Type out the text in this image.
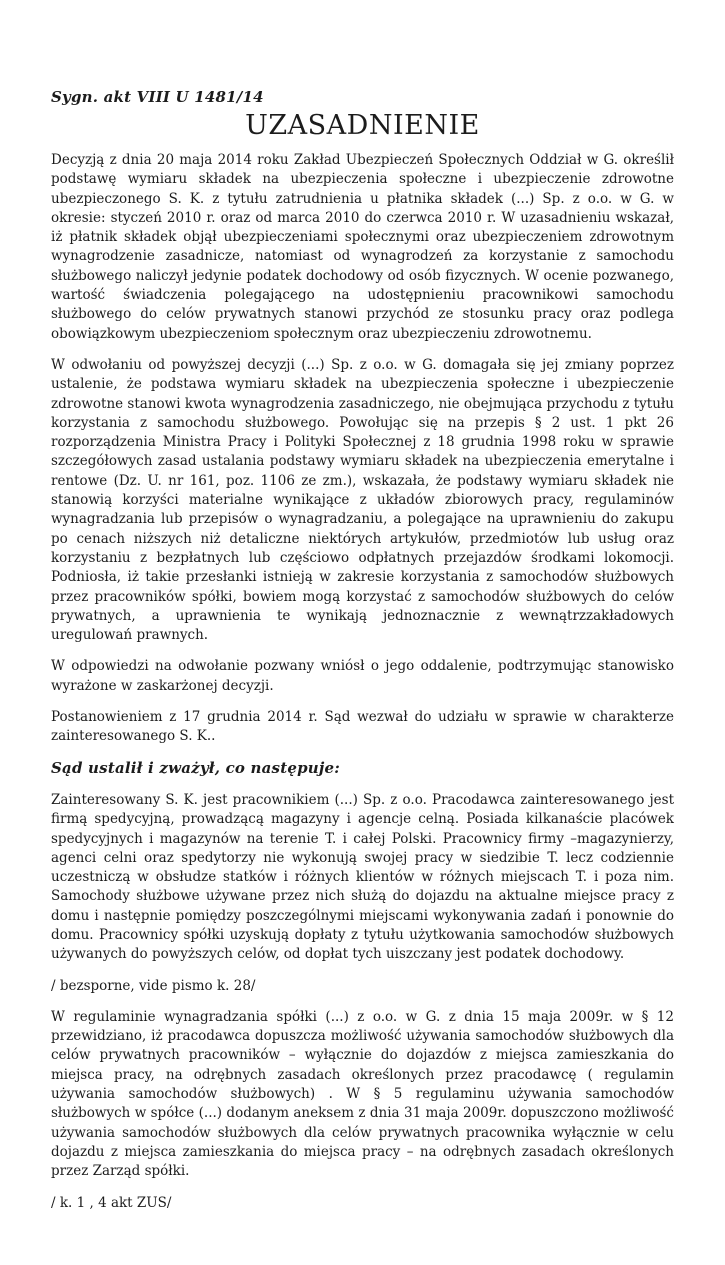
Sygn. akt VIII U 1481/14

UZASADNIENIE

Decyzją z dnia 20 maja 2014 roku Zakład Ubezpieczeń Społecznych Oddział w G. określił podstawę wymiaru składek na ubezpieczenia społeczne i ubezpieczenie zdrowotne ubezpieczonego S. K. z tytułu zatrudnienia u płatnika składek (...) Sp. z o.o. w G. w okresie: styczeń 2010 r. oraz od marca 2010 do czerwca 2010 r. W uzasadnieniu wskazał, iż płatnik składek objął ubezpieczeniami społecznymi oraz ubezpieczeniem zdrowotnym wynagrodzenie zasadnicze, natomiast od wynagrodzeń za korzystanie z samochodu służbowego naliczył jedynie podatek dochodowy od osób fizycznych. W ocenie pozwanego, wartość świadczenia polegającego na udostępnieniu pracownikowi samochodu służbowego do celów prywatnych stanowi przychód ze stosunku pracy oraz podlega obowiązkowym ubezpieczeniom społecznym oraz ubezpieczeniu zdrowotnemu.

W odwołaniu od powyższej decyzji (...) Sp. z o.o. w G. domagała się jej zmiany poprzez ustalenie, że podstawa wymiaru składek na ubezpieczenia społeczne i ubezpieczenie zdrowotne stanowi kwota wynagrodzenia zasadniczego, nie obejmująca przychodu z tytułu korzystania z samochodu służbowego. Powołując się na przepis § 2 ust. 1 pkt 26 rozporządzenia Ministra Pracy i Polityki Społecznej z 18 grudnia 1998 roku w sprawie szczegółowych zasad ustalania podstawy wymiaru składek na ubezpieczenia emerytalne i rentowe (Dz. U. nr 161, poz. 1106 ze zm.), wskazała, że podstawy wymiaru składek nie stanowią korzyści materialne wynikające z układów zbiorowych pracy, regulaminów wynagradzania lub przepisów o wynagradzaniu, a polegające na uprawnieniu do zakupu po cenach niższych niż detaliczne niektórych artykułów, przedmiotów lub usług oraz korzystaniu z bezpłatnych lub częściowo odpłatnych przejazdów środkami lokomocji. Podniosła, iż takie przesłanki istnieją w zakresie korzystania z samochodów służbowych przez pracowników spółki, bowiem mogą korzystać z samochodów służbowych do celów prywatnych, a uprawnienia te wynikają jednoznacznie z wewnątrzzakładowych uregulowań prawnych.

W odpowiedzi na odwołanie pozwany wniósł o jego oddalenie, podtrzymując stanowisko wyrażone w zaskarżonej decyzji.

Postanowieniem z 17 grudnia 2014 r. Sąd wezwał do udziału w sprawie w charakterze zainteresowanego S. K..

Sąd ustalił i zważył, co następuje:

Zainteresowany S. K. jest pracownikiem (...) Sp. z o.o. Pracodawca zainteresowanego jest firmą spedycyjną, prowadzącą magazyny i agencje celną. Posiada kilkanaście placówek spedycyjnych i magazynów na terenie T. i całej Polski. Pracownicy firmy –magazynierzy, agenci celni oraz spedytorzy nie wykonują swojej pracy w siedzibie T. lecz codziennie uczestniczą w obsłudze statków i różnych klientów w różnych miejscach T. i poza nim. Samochody służbowe używane przez nich służą do dojazdu na aktualne miejsce pracy z domu i następnie pomiędzy poszczególnymi miejscami wykonywania zadań i ponownie do domu. Pracownicy spółki uzyskują dopłaty z tytułu użytkowania samochodów służbowych używanych do powyższych celów, od dopłat tych uiszczany jest podatek dochodowy.

/ bezsporne, vide pismo k. 28/

W regulaminie wynagradzania spółki (...) z o.o. w G. z dnia 15 maja 2009r. w § 12 przewidziano, iż pracodawca dopuszcza możliwość używania samochodów służbowych dla celów prywatnych pracowników – wyłącznie do dojazdów z miejsca zamieszkania do miejsca pracy, na odrębnych zasadach określonych przez pracodawcę ( regulamin używania samochodów służbowych) . W § 5 regulaminu używania samochodów służbowych w spółce (...) dodanym aneksem z dnia 31 maja 2009r. dopuszczono możliwość używania samochodów służbowych dla celów prywatnych pracownika wyłącznie w celu dojazdu z miejsca zamieszkania do miejsca pracy – na odrębnych zasadach określonych przez Zarząd spółki.

/ k. 1 , 4 akt ZUS/
